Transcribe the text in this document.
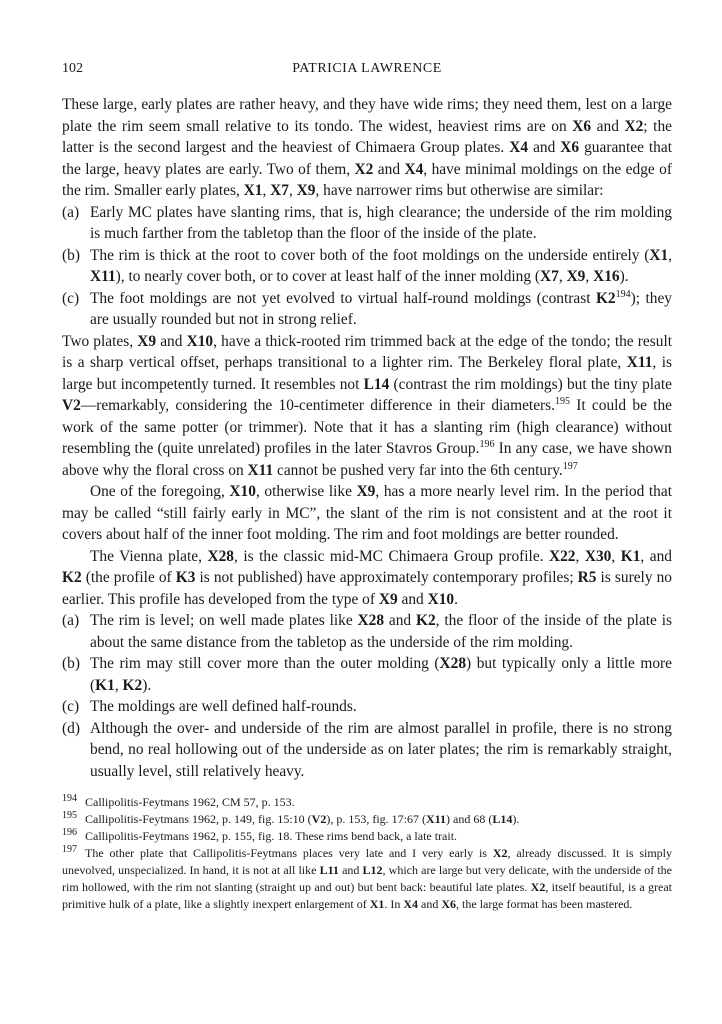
102	PATRICIA LAWRENCE

These large, early plates are rather heavy, and they have wide rims; they need them, lest on a large plate the rim seem small relative to its tondo. The widest, heaviest rims are on X6 and X2; the latter is the second largest and the heaviest of Chimaera Group plates. X4 and X6 guarantee that the large, heavy plates are early. Two of them, X2 and X4, have minimal moldings on the edge of the rim. Smaller early plates, X1, X7, X9, have narrower rims but otherwise are similar:

(a) Early MC plates have slanting rims, that is, high clearance; the underside of the rim molding is much farther from the tabletop than the floor of the inside of the plate.
(b) The rim is thick at the root to cover both of the foot moldings on the underside entirely (X1, X11), to nearly cover both, or to cover at least half of the inner molding (X7, X9, X16).
(c) The foot moldings are not yet evolved to virtual half-round moldings (contrast $K2^{194}$); they are usually rounded but not in strong relief.

Two plates, X9 and X10, have a thick-rooted rim trimmed back at the edge of the tondo; the result is a sharp vertical offset, perhaps transitional to a lighter rim. The Berkeley floral plate, X11, is large but incompetently turned. It resembles not L14 (contrast the rim moldings) but the tiny plate V2—remarkably, considering the 10-centimeter difference in their diameters.$^{195}$ It could be the work of the same potter (or trimmer). Note that it has a slanting rim (high clearance) without resembling the (quite unrelated) profiles in the later Stavros Group.$^{196}$ In any case, we have shown above why the floral cross on X11 cannot be pushed very far into the 6th century.$^{197}$

One of the foregoing, X10, otherwise like X9, has a more nearly level rim. In the period that may be called “still fairly early in MC”, the slant of the rim is not consistent and at the root it covers about half of the inner foot molding. The rim and foot moldings are better rounded.

The Vienna plate, X28, is the classic mid-MC Chimaera Group profile. X22, X30, K1, and K2 (the profile of K3 is not published) have approximately contemporary profiles; R5 is surely no earlier. This profile has developed from the type of X9 and X10.

(a) The rim is level; on well made plates like X28 and K2, the floor of the inside of the plate is about the same distance from the tabletop as the underside of the rim molding.
(b) The rim may still cover more than the outer molding (X28) but typically only a little more (K1, K2).
(c) The moldings are well defined half-rounds.
(d) Although the over- and underside of the rim are almost parallel in profile, there is no strong bend, no real hollowing out of the underside as on later plates; the rim is remarkably straight, usually level, still relatively heavy.

$^{194}$ Callipolitis-Feytmans 1962, CM 57, p. 153.

$^{195}$ Callipolitis-Feytmans 1962, p. 149, fig. 15:10 (V2), p. 153, fig. 17:67 (X11) and 68 (L14).

$^{196}$ Callipolitis-Feytmans 1962, p. 155, fig. 18. These rims bend back, a late trait.

$^{197}$ The other plate that Callipolitis-Feytmans places very late and I very early is X2, already discussed. It is simply unevolved, unspecialized. In hand, it is not at all like L11 and L12, which are large but very delicate, with the underside of the rim hollowed, with the rim not slanting (straight up and out) but bent back: beautiful late plates. X2, itself beautiful, is a great primitive hulk of a plate, like a slightly inexpert enlargement of X1. In X4 and X6, the large format has been mastered.
